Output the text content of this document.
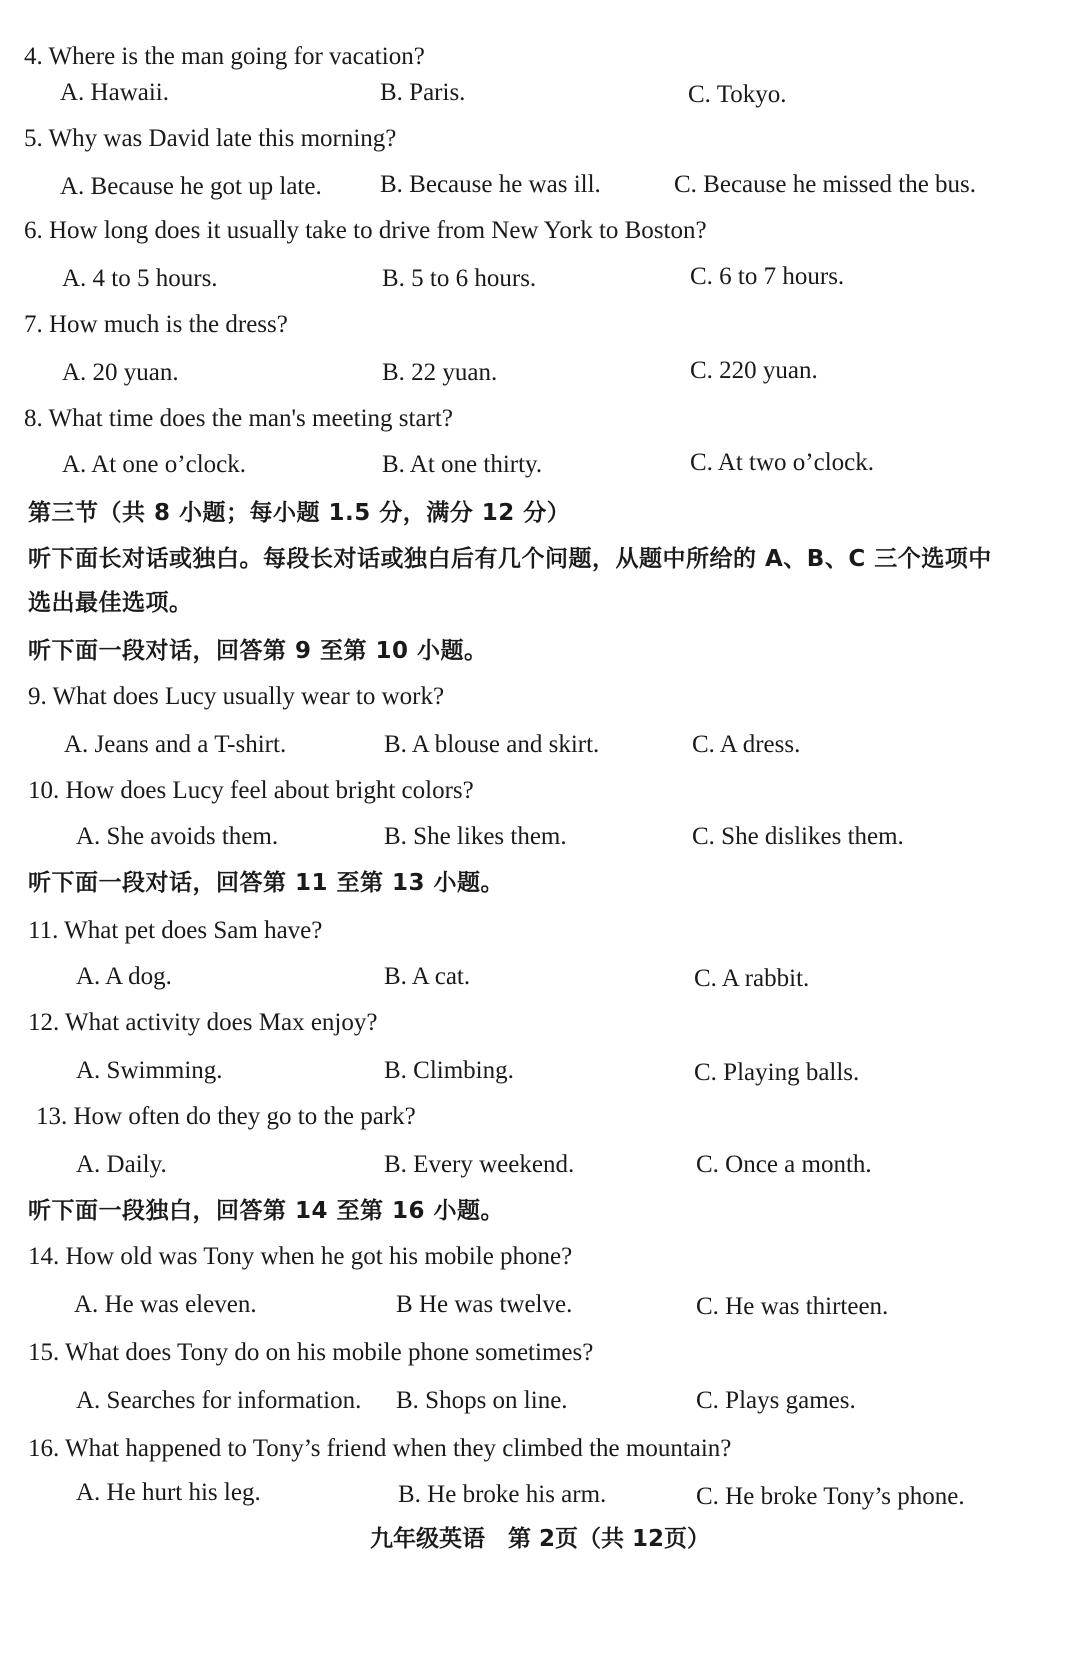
4. Where is the man going for vacation?
A. Hawaii.	B. Paris.	C. Tokyo.
5. Why was David late this morning?
A. Because he got up late. B. Because he was ill.	C. Because he missed the bus.
6. How long does it usually take to drive from New York to Boston?
A. 4 to 5 hours.	B. 5 to 6 hours.	C. 6 to 7 hours.
7. How much is the dress?
A. 20 yuan.	B. 22 yuan.	C. 220 yuan.
8. What time does the man's meeting start?
A. At one o’clock.	B. At one thirty.	C. At two o’clock.
第三节（共 8 小题；每小题 1.5 分，满分 12 分）
听下面长对话或独白。每段长对话或独白后有几个问题，从题中所给的 A、B、C 三个选项中
选出最佳选项。
听下面一段对话，回答第 9 至第 10 小题。
9. What does Lucy usually wear to work?
A. Jeans and a T-shirt.	B. A blouse and skirt.	C. A dress.
10. How does Lucy feel about bright colors?
A. She avoids them.	B. She likes them.	C. She dislikes them.
听下面一段对话，回答第 11 至第 13 小题。
11. What pet does Sam have?
A. A dog.	B. A cat.	C. A rabbit.
12. What activity does Max enjoy?
A. Swimming.	B. Climbing.	C. Playing balls.
13. How often do they go to the park?
A. Daily.	B. Every weekend.	C. Once a month.
听下面一段独白，回答第 14 至第 16 小题。
14. How old was Tony when he got his mobile phone?
A. He was eleven.	B He was twelve.	C. He was thirteen.
15. What does Tony do on his mobile phone sometimes?
A. Searches for information. B. Shops on line.	C. Plays games.
16. What happened to Tony’s friend when they climbed the mountain?
A. He hurt his leg.	B. He broke his arm.	C. He broke Tony’s phone.
九年级英语　第 2页（共 12页）
